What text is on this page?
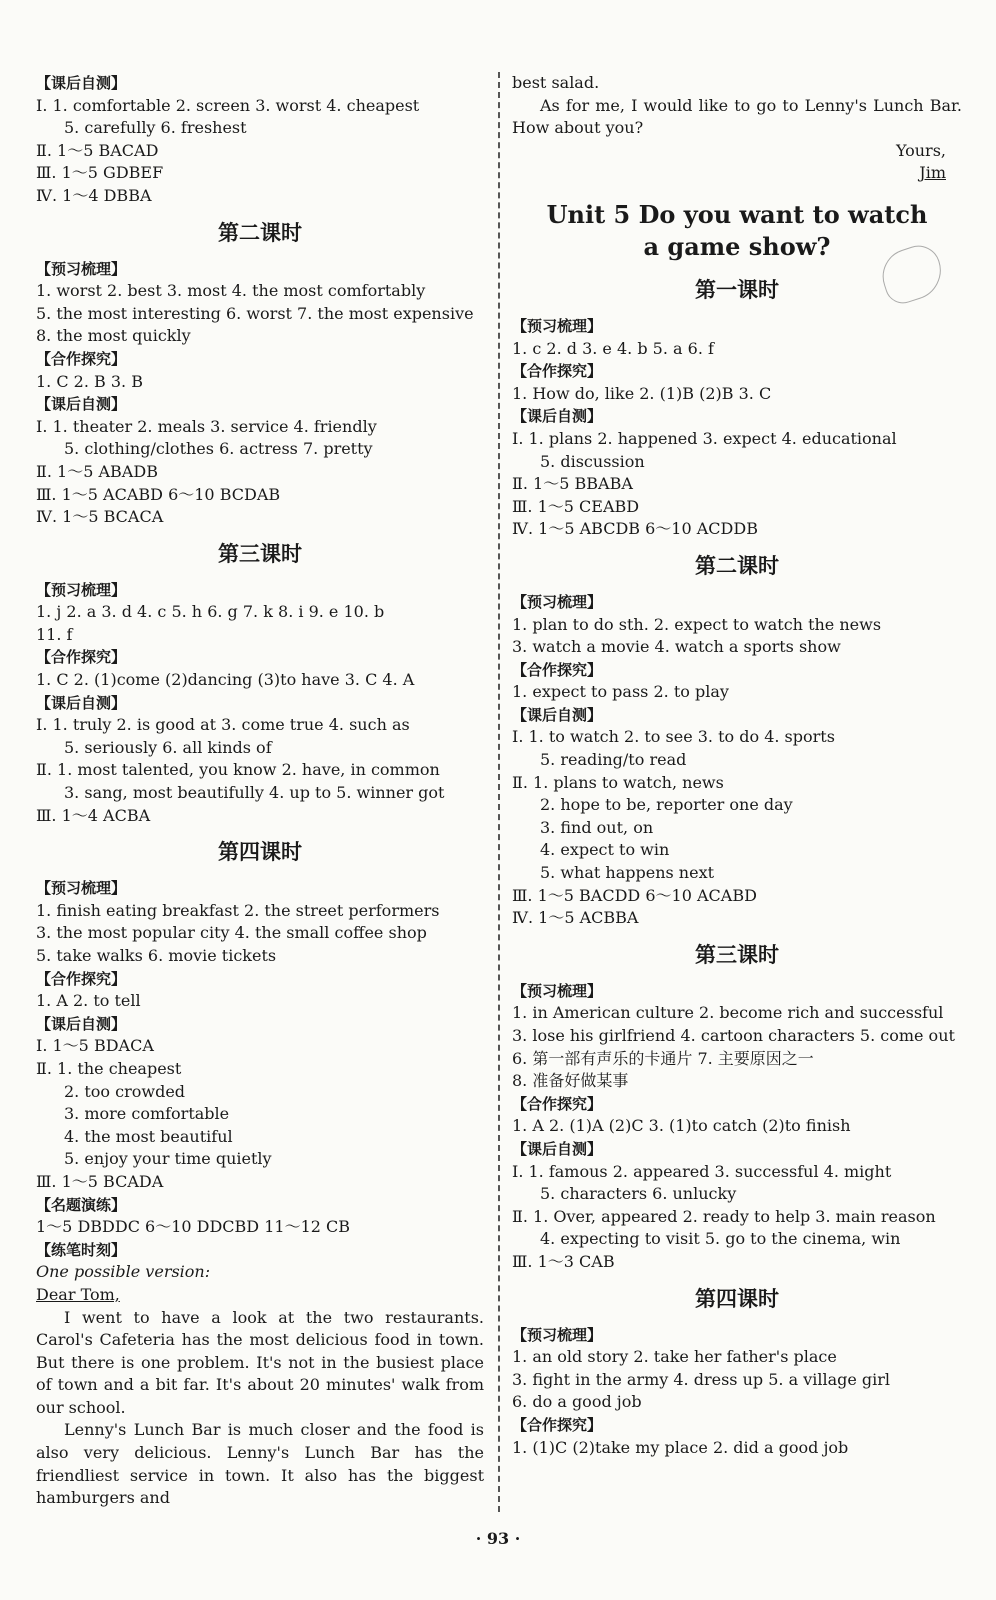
【课后自测】
Ⅰ. 1. comfortable 2. screen 3. worst 4. cheapest
5. carefully 6. freshest
Ⅱ. 1～5 BACAD
Ⅲ. 1～5 GDBEF
Ⅳ. 1～4 DBBA
第二课时
【预习梳理】
1. worst 2. best 3. most 4. the most comfortably
5. the most interesting 6. worst 7. the most expensive
8. the most quickly
【合作探究】
1. C 2. B 3. B
【课后自测】
Ⅰ. 1. theater 2. meals 3. service 4. friendly
5. clothing/clothes 6. actress 7. pretty
Ⅱ. 1～5 ABADB
Ⅲ. 1～5 ACABD 6～10 BCDAB
Ⅳ. 1～5 BCACA
第三课时
【预习梳理】
1. j 2. a 3. d 4. c 5. h 6. g 7. k 8. i 9. e 10. b
11. f
【合作探究】
1. C 2. (1)come (2)dancing (3)to have 3. C 4. A
【课后自测】
Ⅰ. 1. truly 2. is good at 3. come true 4. such as
5. seriously 6. all kinds of
Ⅱ. 1. most talented, you know 2. have, in common
3. sang, most beautifully 4. up to 5. winner got
Ⅲ. 1～4 ACBA
第四课时
【预习梳理】
1. finish eating breakfast 2. the street performers
3. the most popular city 4. the small coffee shop
5. take walks 6. movie tickets
【合作探究】
1. A 2. to tell
【课后自测】
Ⅰ. 1～5 BDACA
Ⅱ. 1. the cheapest
2. too crowded
3. more comfortable
4. the most beautiful
5. enjoy your time quietly
Ⅲ. 1～5 BCADA
【名题演练】
1～5 DBDDC 6～10 DDCBD 11～12 CB
【练笔时刻】
One possible version:
Dear Tom,
I went to have a look at the two restaurants. Carol's Cafeteria has the most delicious food in town. But there is one problem. It's not in the busiest place of town and a bit far. It's about 20 minutes' walk from our school.
Lenny's Lunch Bar is much closer and the food is also very delicious. Lenny's Lunch Bar has the friendliest service in town. It also has the biggest hamburgers and
best salad.
As for me, I would like to go to Lenny's Lunch Bar. How about you?
Yours,
Jim
Unit 5 Do you want to watch
a game show?
第一课时
【预习梳理】
1. c 2. d 3. e 4. b 5. a 6. f
【合作探究】
1. How do, like 2. (1)B (2)B 3. C
【课后自测】
Ⅰ. 1. plans 2. happened 3. expect 4. educational
5. discussion
Ⅱ. 1～5 BBABA
Ⅲ. 1～5 CEABD
Ⅳ. 1～5 ABCDB 6～10 ACDDB
第二课时
【预习梳理】
1. plan to do sth. 2. expect to watch the news
3. watch a movie 4. watch a sports show
【合作探究】
1. expect to pass 2. to play
【课后自测】
Ⅰ. 1. to watch 2. to see 3. to do 4. sports
5. reading/to read
Ⅱ. 1. plans to watch, news
2. hope to be, reporter one day
3. find out, on
4. expect to win
5. what happens next
Ⅲ. 1～5 BACDD 6～10 ACABD
Ⅳ. 1～5 ACBBA
第三课时
【预习梳理】
1. in American culture 2. become rich and successful
3. lose his girlfriend 4. cartoon characters 5. come out
6. 第一部有声乐的卡通片 7. 主要原因之一
8. 准备好做某事
【合作探究】
1. A 2. (1)A (2)C 3. (1)to catch (2)to finish
【课后自测】
Ⅰ. 1. famous 2. appeared 3. successful 4. might
5. characters 6. unlucky
Ⅱ. 1. Over, appeared 2. ready to help 3. main reason
4. expecting to visit 5. go to the cinema, win
Ⅲ. 1～3 CAB
第四课时
【预习梳理】
1. an old story 2. take her father's place
3. fight in the army 4. dress up 5. a village girl
6. do a good job
【合作探究】
1. (1)C (2)take my place 2. did a good job
· 93 ·
